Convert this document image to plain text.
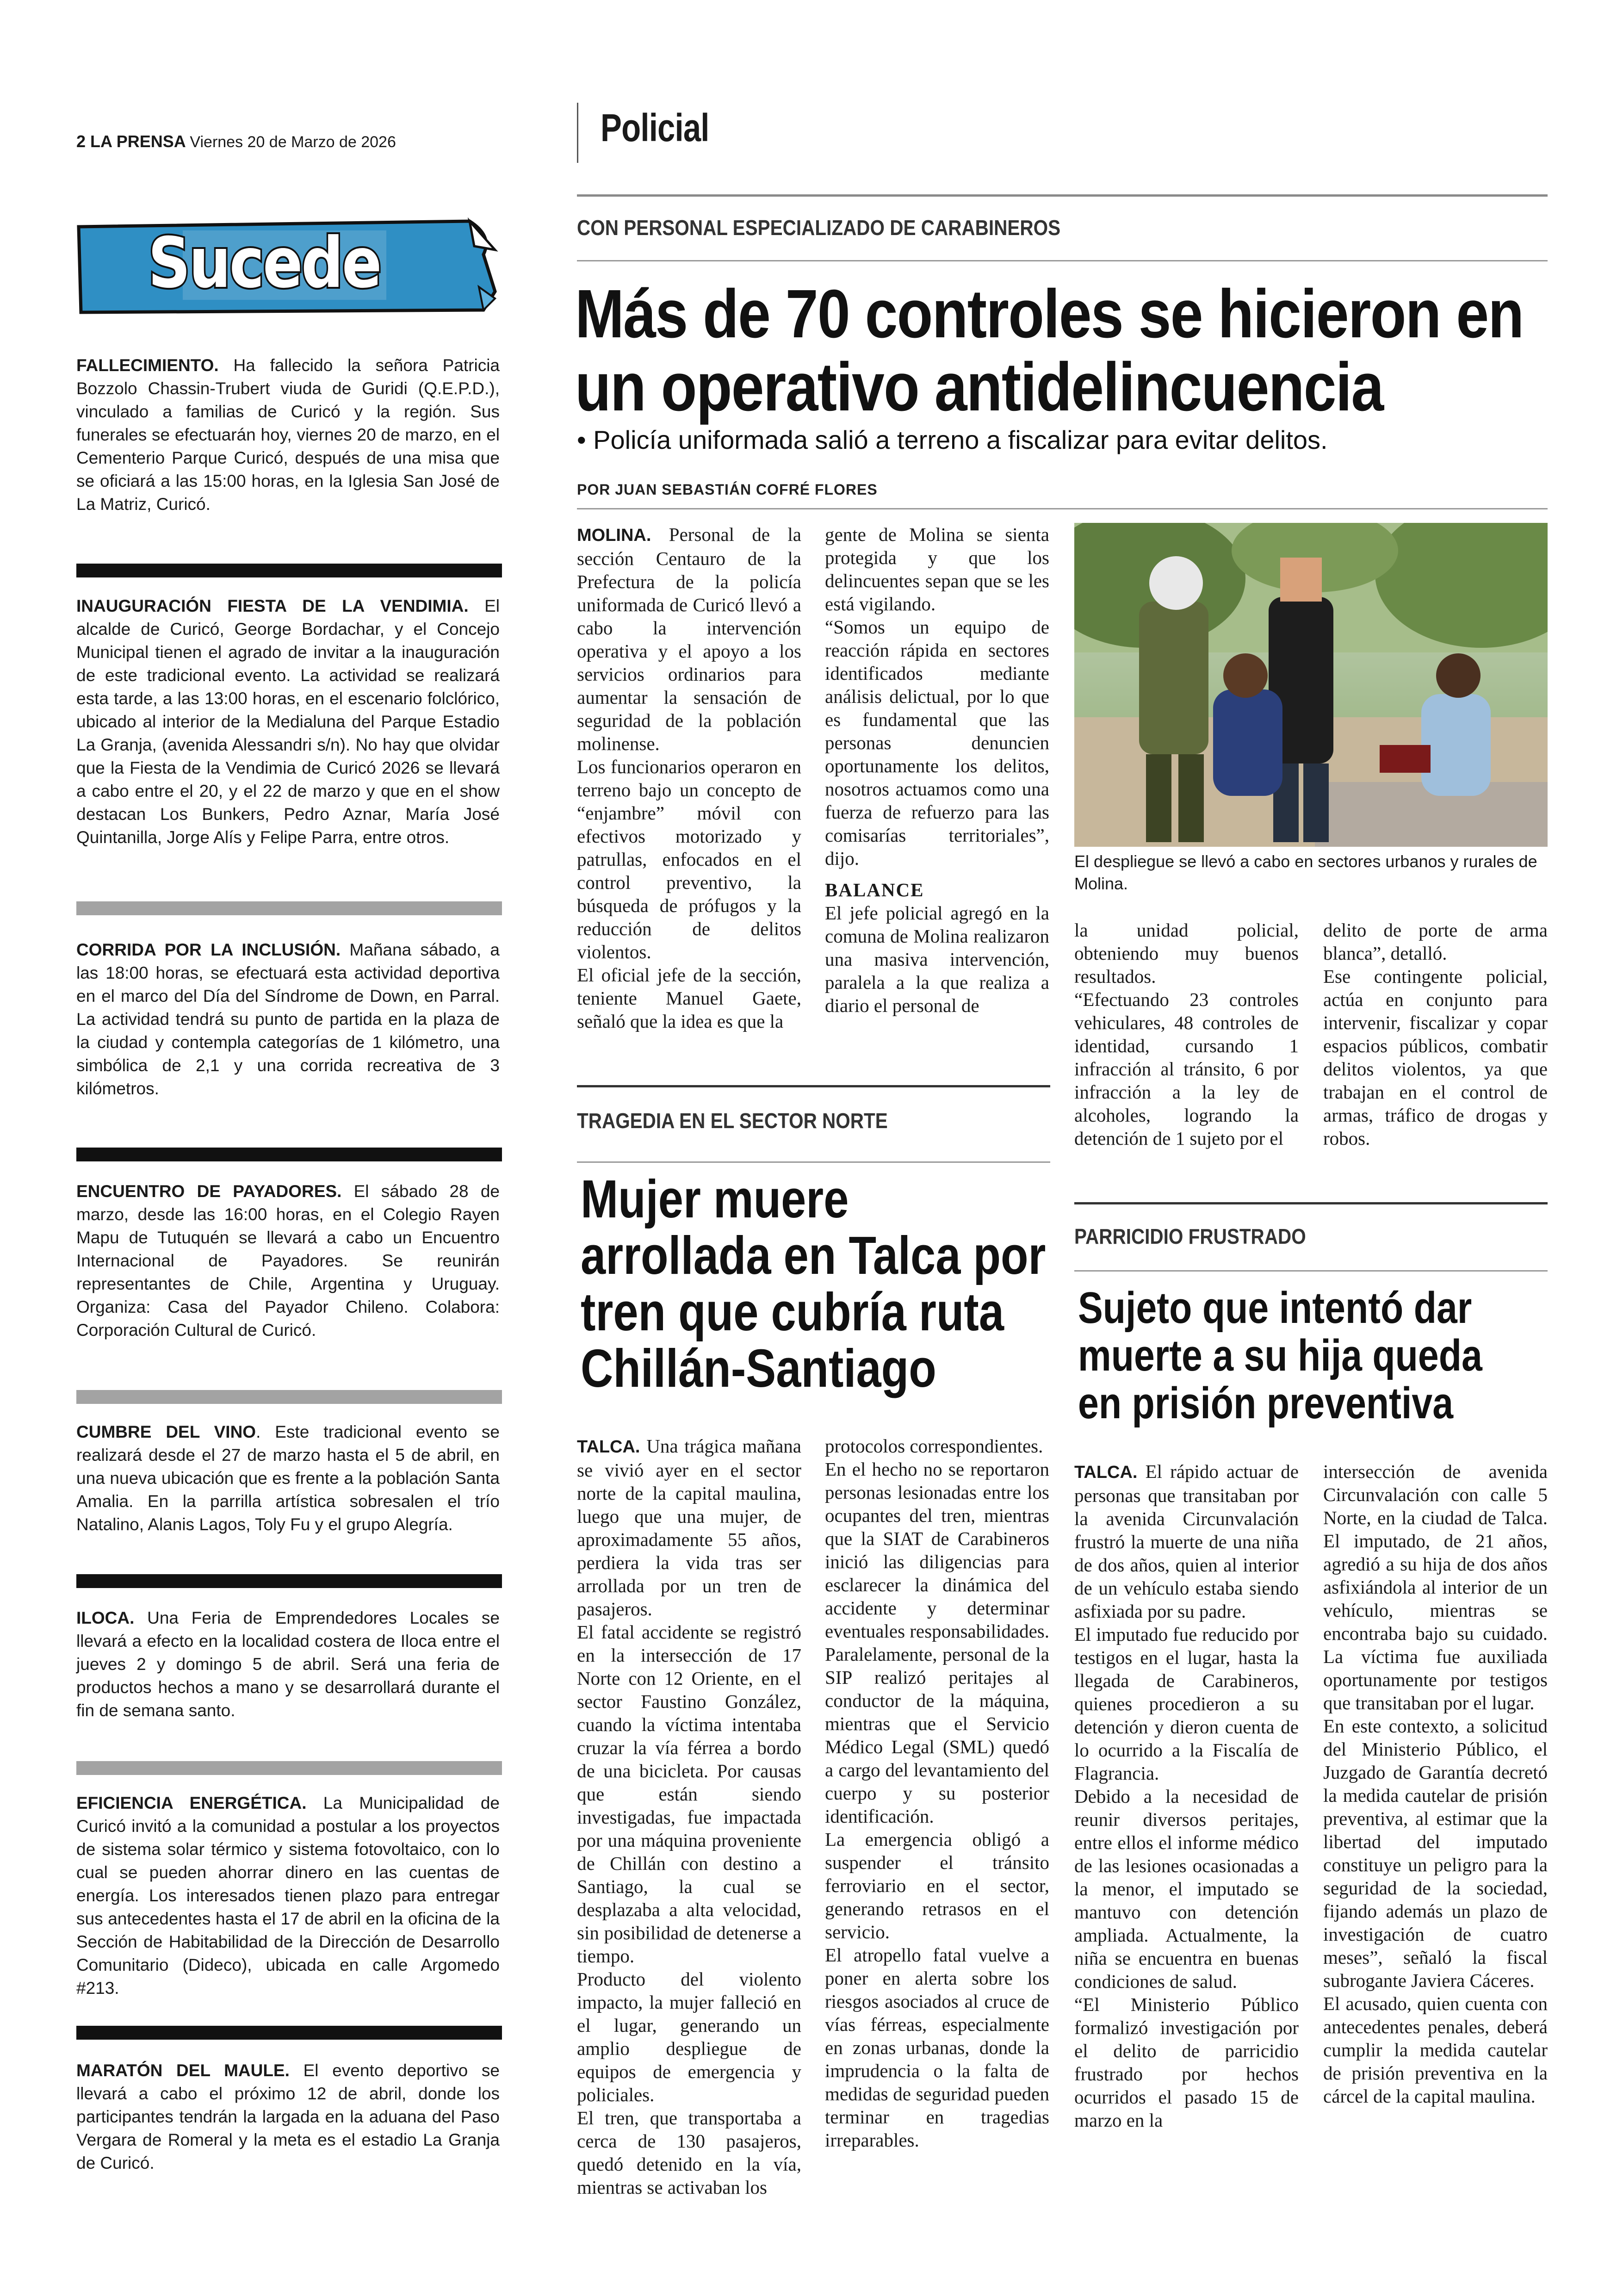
2 LA PRENSA Viernes 20 de Marzo de 2026	Policial
Sucede
FALLECIMIENTO. Ha fallecido la señora Patricia Bozzolo Chassin-Trubert viuda de Guridi (Q.E.P.D.), vinculado a familias de Curicó y la región. Sus funerales se efectuarán hoy, viernes 20 de marzo, en el Cementerio Parque Curicó, después de una misa que se oficiará a las 15:00 horas, en la Iglesia San José de La Matriz, Curicó.
INAUGURACIÓN FIESTA DE LA VENDIMIA. El alcalde de Curicó, George Bordachar, y el Concejo Municipal tienen el agrado de invitar a la inauguración de este tradicional evento. La actividad se realizará esta tarde, a las 13:00 horas, en el escenario folclórico, ubicado al interior de la Medialuna del Parque Estadio La Granja, (avenida Alessandri s/n). No hay que olvidar que la Fiesta de la Vendimia de Curicó 2026 se llevará a cabo entre el 20, y el 22 de marzo y que en el show destacan Los Bunkers, Pedro Aznar, María José Quintanilla, Jorge Alís y Felipe Parra, entre otros.
CORRIDA POR LA INCLUSIÓN. Mañana sábado, a las 18:00 horas, se efectuará esta actividad deportiva en el marco del Día del Síndrome de Down, en Parral. La actividad tendrá su punto de partida en la plaza de la ciudad y contempla categorías de 1 kilómetro, una simbólica de 2,1 y una corrida recreativa de 3 kilómetros.
ENCUENTRO DE PAYADORES. El sábado 28 de marzo, desde las 16:00 horas, en el Colegio Rayen Mapu de Tutuquén se llevará a cabo un Encuentro Internacional de Payadores. Se reunirán representantes de Chile, Argentina y Uruguay. Organiza: Casa del Payador Chileno. Colabora: Corporación Cultural de Curicó.
CUMBRE DEL VINO. Este tradicional evento se realizará desde el 27 de marzo hasta el 5 de abril, en una nueva ubicación que es frente a la población Santa Amalia. En la parrilla artística sobresalen el trío Natalino, Alanis Lagos, Toly Fu y el grupo Alegría.
ILOCA. Una Feria de Emprendedores Locales se llevará a efecto en la localidad costera de Iloca entre el jueves 2 y domingo 5 de abril. Será una feria de productos hechos a mano y se desarrollará durante el fin de semana santo.
EFICIENCIA ENERGÉTICA. La Municipalidad de Curicó invitó a la comunidad a postular a los proyectos de sistema solar térmico y sistema fotovoltaico, con lo cual se pueden ahorrar dinero en las cuentas de energía. Los interesados tienen plazo para entregar sus antecedentes hasta el 17 de abril en la oficina de la Sección de Habitabilidad de la Dirección de Desarrollo Comunitario (Dideco), ubicada en calle Argomedo #213.
MARATÓN DEL MAULE. El evento deportivo se llevará a cabo el próximo 12 de abril, donde los participantes tendrán la largada en la aduana del Paso Vergara de Romeral y la meta es el estadio La Granja de Curicó.
CON PERSONAL ESPECIALIZADO DE CARABINEROS
Más de 70 controles se hicieron en
un operativo antidelincuencia
• Policía uniformada salió a terreno a fiscalizar para evitar delitos.
POR JUAN SEBASTIÁN COFRÉ FLORES

MOLINA. Personal de la sección Centauro de la Prefectura de la policía uniformada de Curicó llevó a cabo la intervención operativa y el apoyo a los servicios ordinarios para aumentar la sensación de seguridad de la población molinense.

Los funcionarios operaron en terreno bajo un concepto de “enjambre” móvil con efectivos motorizado y patrullas, enfocados en el control preventivo, la búsqueda de prófugos y la reducción de delitos violentos.

El oficial jefe de la sección, teniente Manuel Gaete, señaló que la idea es que la

gente de Molina se sienta protegida y que los delincuentes sepan que se les está vigilando.

“Somos un equipo de reacción rápida en sectores identificados mediante análisis delictual, por lo que es fundamental que las personas denuncien oportunamente los delitos, nosotros actuamos como una fuerza de refuerzo para las comisarías territoriales”, dijo.

BALANCE

El jefe policial agregó en la comuna de Molina realizaron una masiva intervención, paralela a la que realiza a diario el personal de

El despliegue se llevó a cabo en sectores urbanos y rurales de Molina.

la unidad policial, obteniendo muy buenos resultados.

“Efectuando 23 controles vehiculares, 48 controles de identidad, cursando 1 infracción al tránsito, 6 por infracción a la ley de alcoholes, logrando la detención de 1 sujeto por el

delito de porte de arma blanca”, detalló.

Ese contingente policial, actúa en conjunto para intervenir, fiscalizar y copar espacios públicos, combatir delitos violentos, ya que trabajan en el control de armas, tráfico de drogas y robos.

TRAGEDIA EN EL SECTOR NORTE
Mujer muere
arrollada en Talca por
tren que cubría ruta
Chillán-Santiago

TALCA. Una trágica mañana se vivió ayer en el sector norte de la capital maulina, luego que una mujer, de aproximadamente 55 años, perdiera la vida tras ser arrollada por un tren de pasajeros.

El fatal accidente se registró en la intersección de 17 Norte con 12 Oriente, en el sector Faustino González, cuando la víctima intentaba cruzar la vía férrea a bordo de una bicicleta. Por causas que están siendo investigadas, fue impactada por una máquina proveniente de Chillán con destino a Santiago, la cual se desplazaba a alta velocidad, sin posibilidad de detenerse a tiempo.

Producto del violento impacto, la mujer falleció en el lugar, generando un amplio despliegue de equipos de emergencia y policiales.

El tren, que transportaba a cerca de 130 pasajeros, quedó detenido en la vía, mientras se activaban los

protocolos correspondientes.

En el hecho no se reportaron personas lesionadas entre los ocupantes del tren, mientras que la SIAT de Carabineros inició las diligencias para esclarecer la dinámica del accidente y determinar eventuales responsabilidades. Paralelamente, personal de la SIP realizó peritajes al conductor de la máquina, mientras que el Servicio Médico Legal (SML) quedó a cargo del levantamiento del cuerpo y su posterior identificación.

La emergencia obligó a suspender el tránsito ferroviario en el sector, generando retrasos en el servicio.

El atropello fatal vuelve a poner en alerta sobre los riesgos asociados al cruce de vías férreas, especialmente en zonas urbanas, donde la imprudencia o la falta de medidas de seguridad pueden terminar en tragedias irreparables.

PARRICIDIO FRUSTRADO
Sujeto que intentó dar
muerte a su hija queda
en prisión preventiva

TALCA. El rápido actuar de personas que transitaban por la avenida Circunvalación frustró la muerte de una niña de dos años, quien al interior de un vehículo estaba siendo asfixiada por su padre.

El imputado fue reducido por testigos en el lugar, hasta la llegada de Carabineros, quienes procedieron a su detención y dieron cuenta de lo ocurrido a la Fiscalía de Flagrancia.

Debido a la necesidad de reunir diversos peritajes, entre ellos el informe médico de las lesiones ocasionadas a la menor, el imputado se mantuvo con detención ampliada. Actualmente, la niña se encuentra en buenas condiciones de salud.

“El Ministerio Público formalizó investigación por el delito de parricidio frustrado por hechos ocurridos el pasado 15 de marzo en la

intersección de avenida Circunvalación con calle 5 Norte, en la ciudad de Talca. El imputado, de 21 años, agredió a su hija de dos años asfixiándola al interior de un vehículo, mientras se encontraba bajo su cuidado. La víctima fue auxiliada oportunamente por testigos que transitaban por el lugar.

En este contexto, a solicitud del Ministerio Público, el Juzgado de Garantía decretó la medida cautelar de prisión preventiva, al estimar que la libertad del imputado constituye un peligro para la seguridad de la sociedad, fijando además un plazo de investigación de cuatro meses”, señaló la fiscal subrogante Javiera Cáceres.

El acusado, quien cuenta con antecedentes penales, deberá cumplir la medida cautelar de prisión preventiva en la cárcel de la capital maulina.
